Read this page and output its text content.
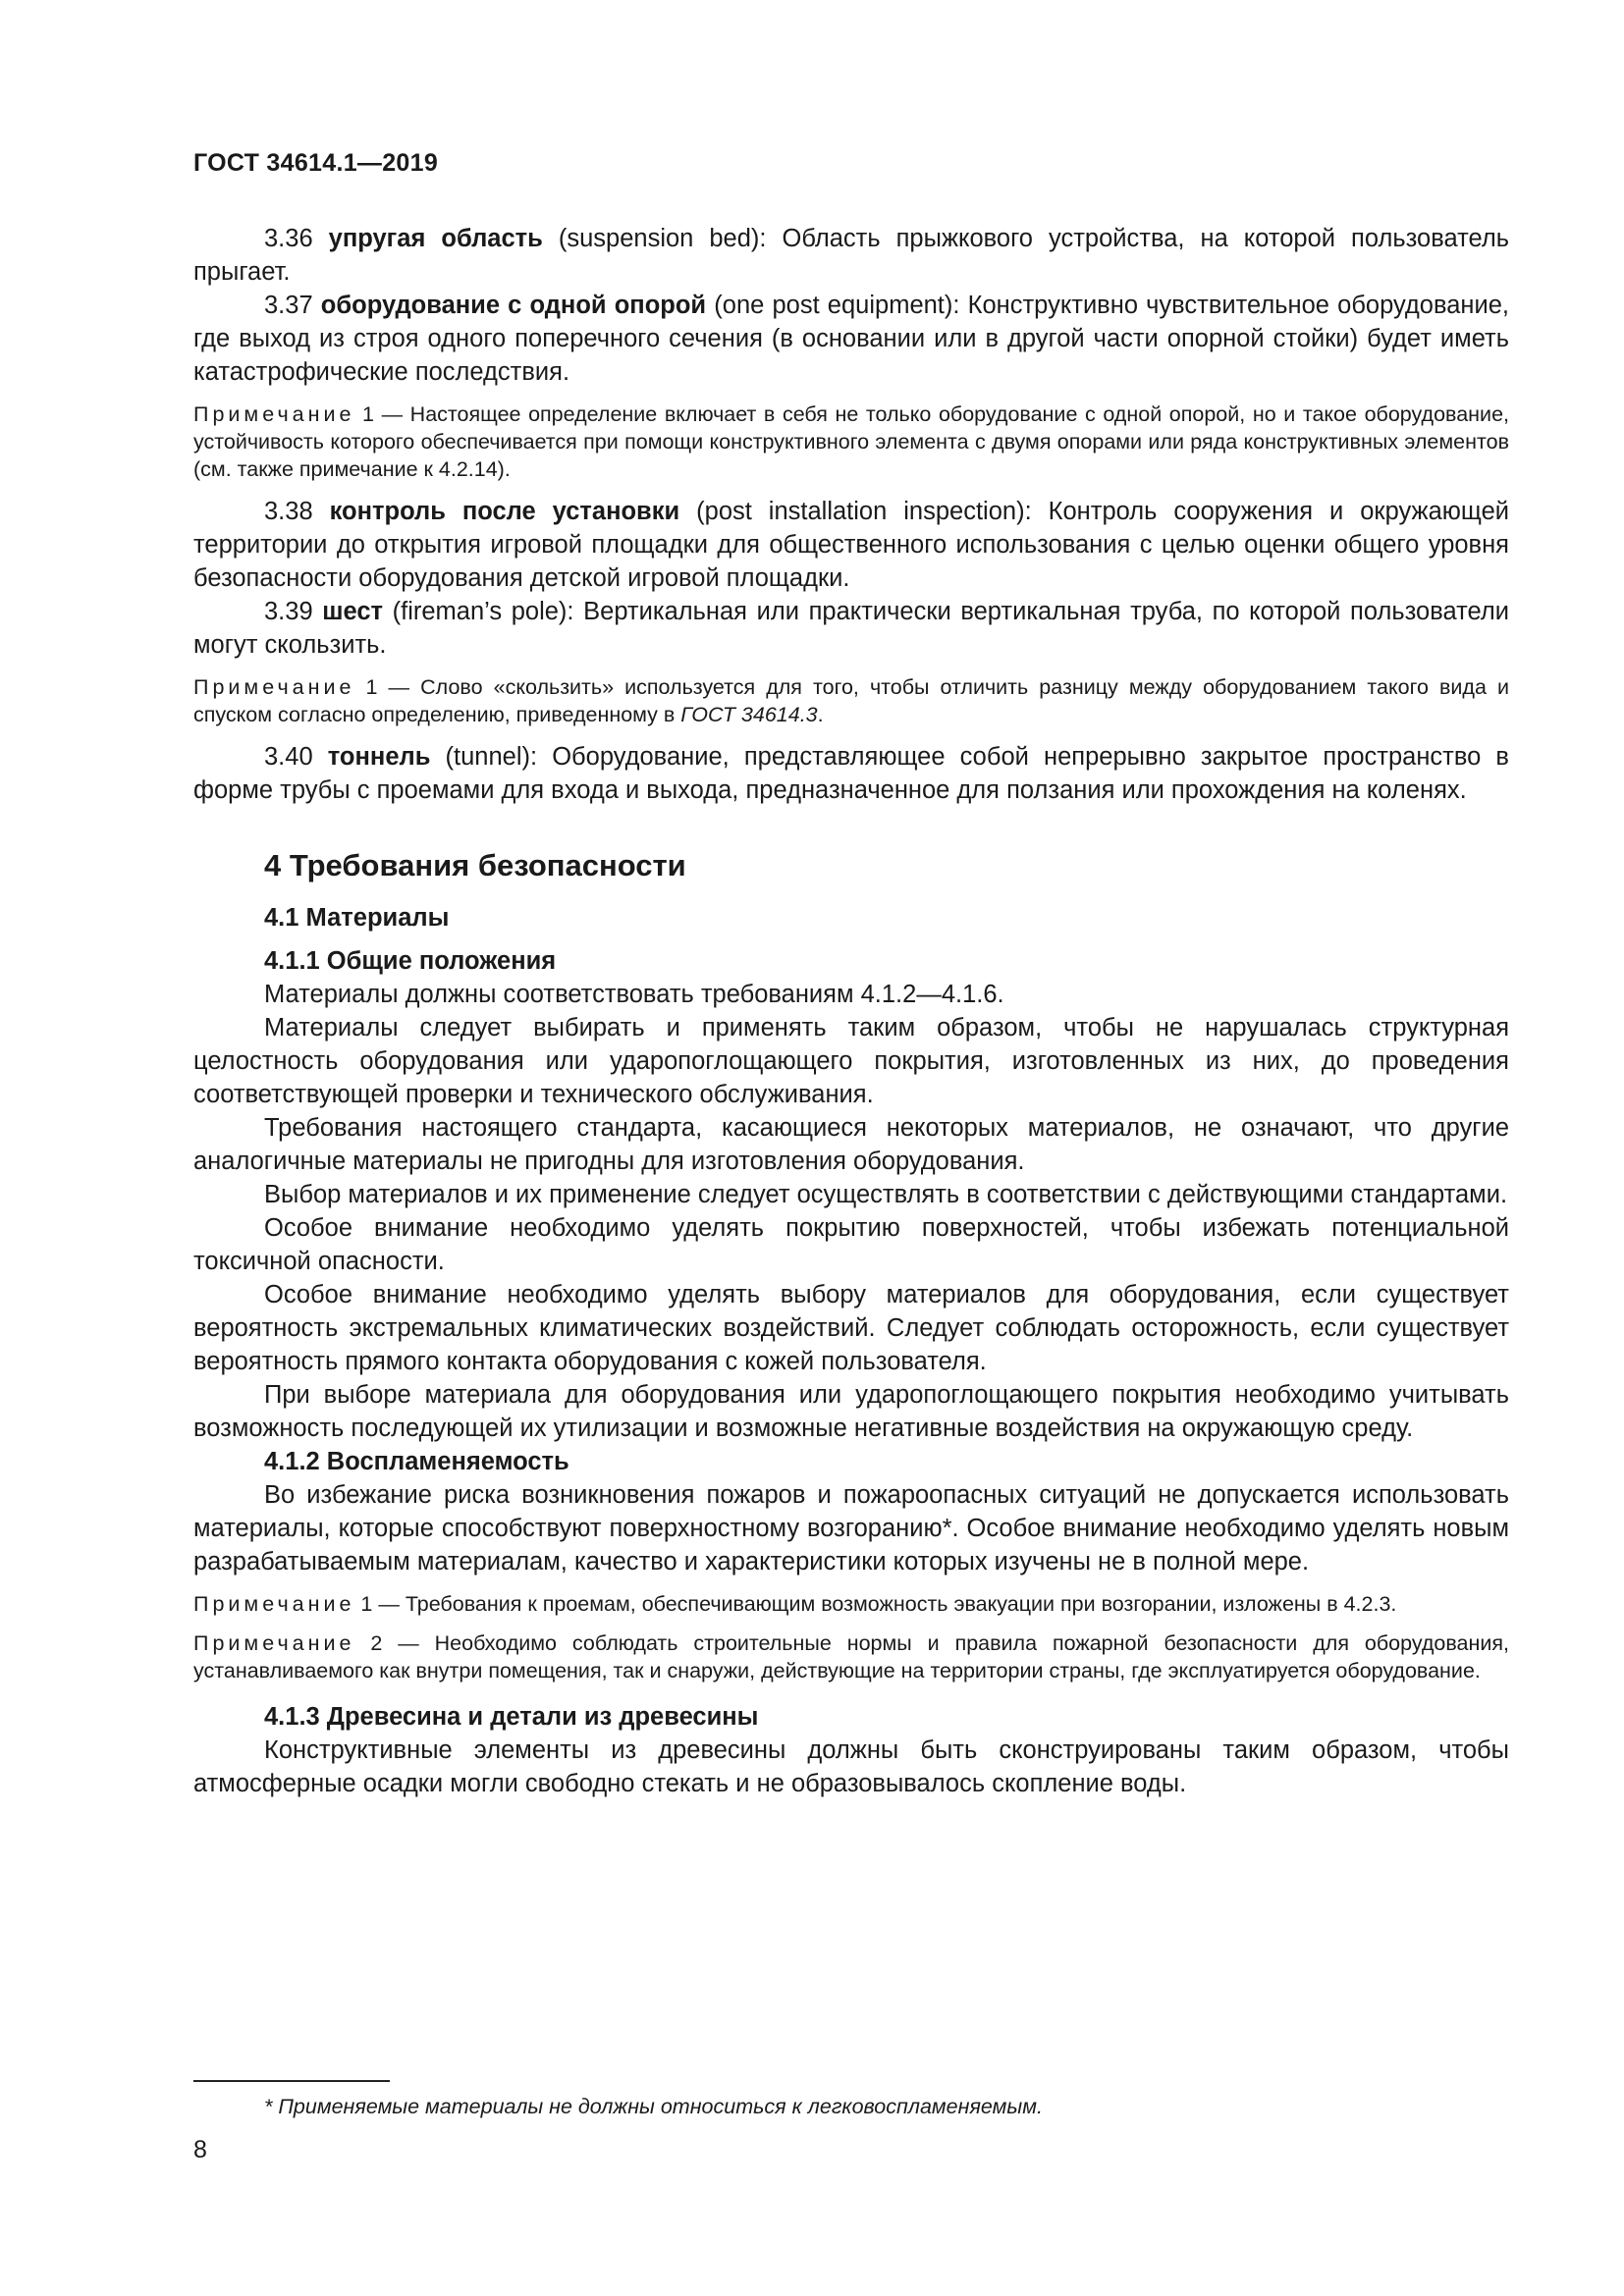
ГОСТ 34614.1—2019

3.36 упругая область (suspension bed): Область прыжкового устройства, на которой пользователь прыгает.

3.37 оборудование с одной опорой (one post equipment): Конструктивно чувствительное оборудование, где выход из строя одного поперечного сечения (в основании или в другой части опорной стойки) будет иметь катастрофические последствия.

Примечание 1 — Настоящее определение включает в себя не только оборудование с одной опорой, но и такое оборудование, устойчивость которого обеспечивается при помощи конструктивного элемента с двумя опорами или ряда конструктивных элементов (см. также примечание к 4.2.14).

3.38 контроль после установки (post installation inspection): Контроль сооружения и окружающей территории до открытия игровой площадки для общественного использования с целью оценки общего уровня безопасности оборудования детской игровой площадки.

3.39 шест (fireman’s pole): Вертикальная или практически вертикальная труба, по которой пользователи могут скользить.

Примечание 1 — Слово «скользить» используется для того, чтобы отличить разницу между оборудованием такого вида и спуском согласно определению, приведенному в ГОСТ 34614.3.

3.40 тоннель (tunnel): Оборудование, представляющее собой непрерывно закрытое пространство в форме трубы с проемами для входа и выхода, предназначенное для ползания или прохождения на коленях.

4 Требования безопасности
4.1 Материалы
4.1.1 Общие положения

Материалы должны соответствовать требованиям 4.1.2—4.1.6.

Материалы следует выбирать и применять таким образом, чтобы не нарушалась структурная целостность оборудования или ударопоглощающего покрытия, изготовленных из них, до проведения соответствующей проверки и технического обслуживания.

Требования настоящего стандарта, касающиеся некоторых материалов, не означают, что другие аналогичные материалы не пригодны для изготовления оборудования.

Выбор материалов и их применение следует осуществлять в соответствии с действующими стандартами.

Особое внимание необходимо уделять покрытию поверхностей, чтобы избежать потенциальной токсичной опасности.

Особое внимание необходимо уделять выбору материалов для оборудования, если существует вероятность экстремальных климатических воздействий. Следует соблюдать осторожность, если существует вероятность прямого контакта оборудования с кожей пользователя.

При выборе материала для оборудования или ударопоглощающего покрытия необходимо учитывать возможность последующей их утилизации и возможные негативные воздействия на окружающую среду.

4.1.2 Воспламеняемость

Во избежание риска возникновения пожаров и пожароопасных ситуаций не допускается использовать материалы, которые способствуют поверхностному возгоранию*. Особое внимание необходимо уделять новым разрабатываемым материалам, качество и характеристики которых изучены не в полной мере.

Примечание 1 — Требования к проемам, обеспечивающим возможность эвакуации при возгорании, изложены в 4.2.3.

Примечание 2 — Необходимо соблюдать строительные нормы и правила пожарной безопасности для оборудования, устанавливаемого как внутри помещения, так и снаружи, действующие на территории страны, где эксплуатируется оборудование.

4.1.3 Древесина и детали из древесины

Конструктивные элементы из древесины должны быть сконструированы таким образом, чтобы атмосферные осадки могли свободно стекать и не образовывалось скопление воды.

* Применяемые материалы не должны относиться к легковоспламеняемым.
8
